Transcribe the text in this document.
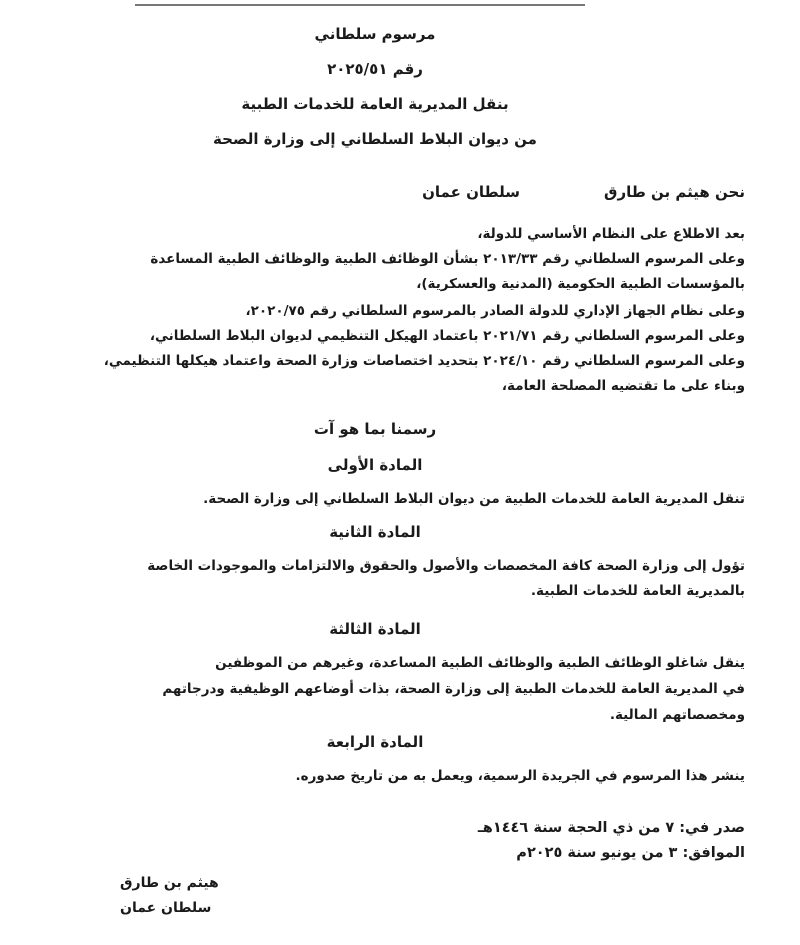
مرسوم سلطاني
رقم ٢٠٢٥/٥١
بنقل المديرية العامة للخدمات الطبية
من ديوان البلاط السلطاني إلى وزارة الصحة
نحن هيثم بن طارق
سلطان عمان
بعد الاطلاع على النظام الأساسي للدولة،
وعلى المرسوم السلطاني رقم ٢٠١٣/٣٣ بشأن الوظائف الطبية والوظائف الطبية المساعدة
بالمؤسسات الطبية الحكومية (المدنية والعسكرية)،
وعلى نظام الجهاز الإداري للدولة الصادر بالمرسوم السلطاني رقم ٢٠٢٠/٧٥،
وعلى المرسوم السلطاني رقم ٢٠٢١/٧١ باعتماد الهيكل التنظيمي لديوان البلاط السلطاني،
وعلى المرسوم السلطاني رقم ٢٠٢٤/١٠ بتحديد اختصاصات وزارة الصحة واعتماد هيكلها التنظيمي،
وبناء على ما تقتضيه المصلحة العامة،
رسمنا بما هو آت
المادة الأولى
تنقل المديرية العامة للخدمات الطبية من ديوان البلاط السلطاني إلى وزارة الصحة.
المادة الثانية
تؤول إلى وزارة الصحة كافة المخصصات والأصول والحقوق والالتزامات والموجودات الخاصة
بالمديرية العامة للخدمات الطبية.
المادة الثالثة
ينقل شاغلو الوظائف الطبية والوظائف الطبية المساعدة، وغيرهم من الموظفين
في المديرية العامة للخدمات الطبية إلى وزارة الصحة، بذات أوضاعهم الوظيفية ودرجاتهم
ومخصصاتهم المالية.
المادة الرابعة
ينشر هذا المرسوم في الجريدة الرسمية، ويعمل به من تاريخ صدوره.
صدر في: ٧ من ذي الحجة سنة ١٤٤٦هـ
الموافق: ٣ من يونيو سنة ٢٠٢٥م
هيثم بن طارق
سلطان عمان
